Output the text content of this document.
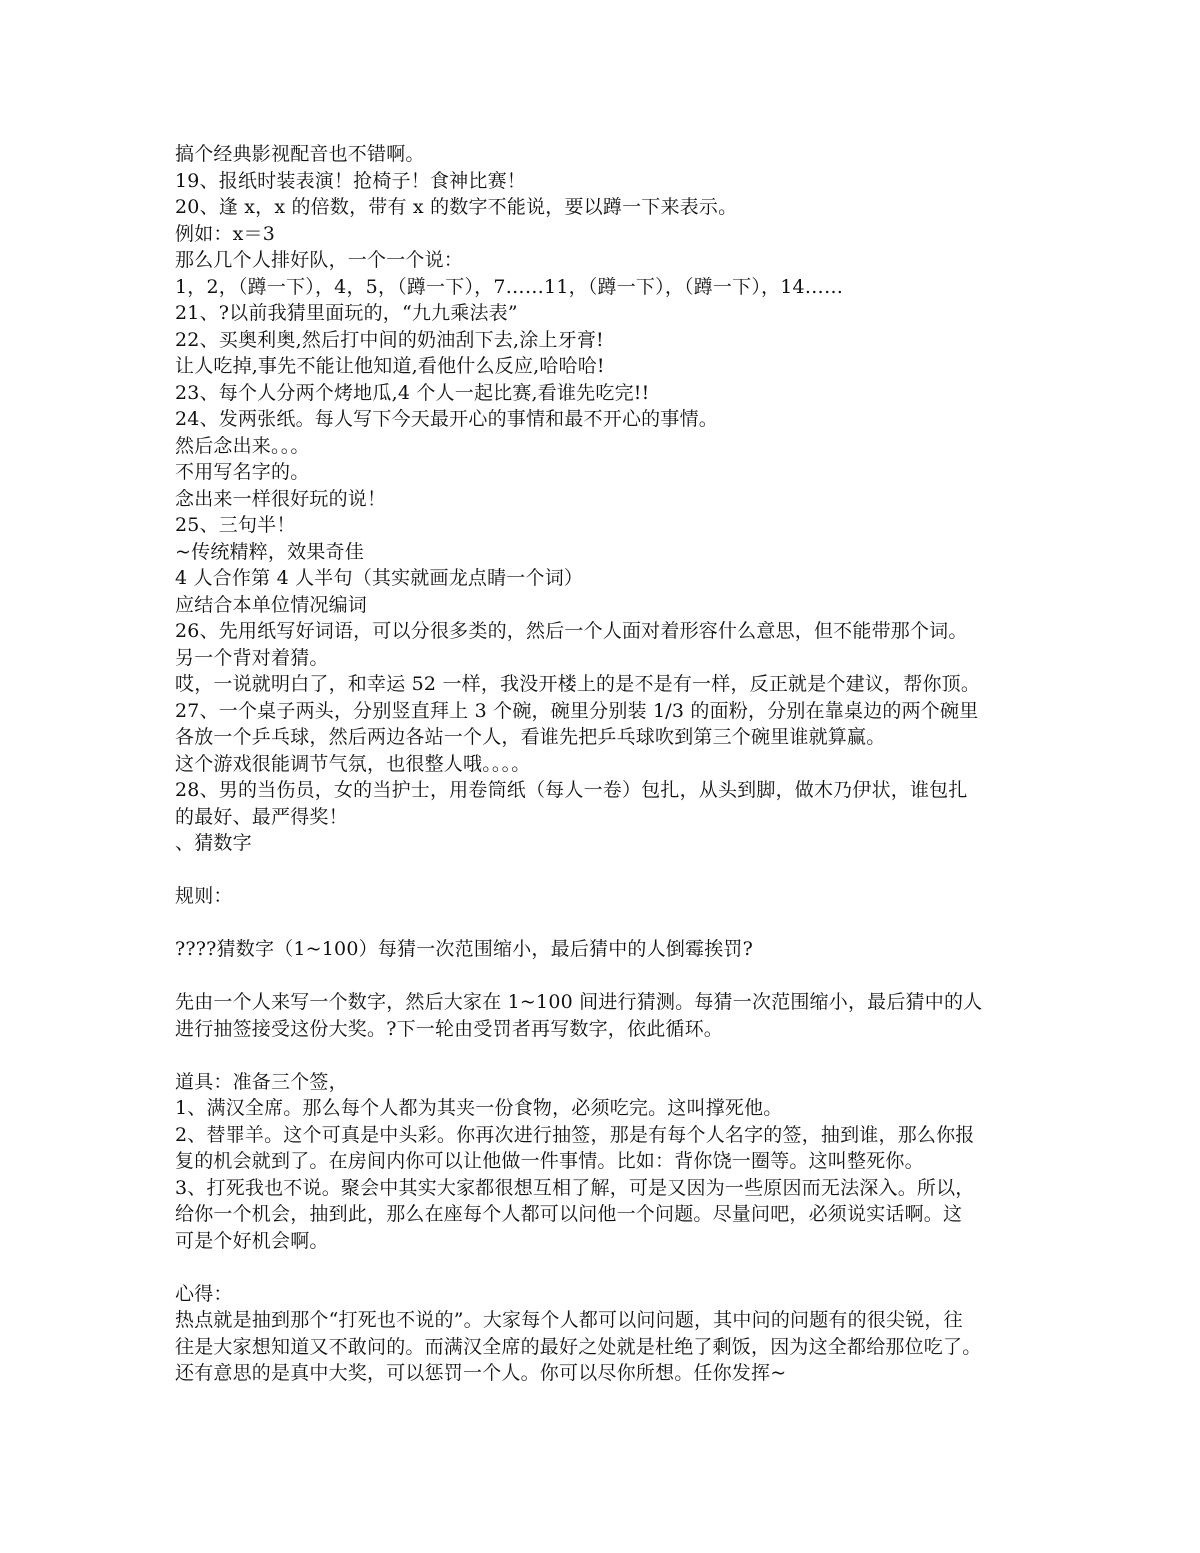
搞个经典影视配音也不错啊。
19、报纸时装表演！抢椅子！食神比赛！
20、逢 x，x 的倍数，带有 x 的数字不能说，要以蹲一下来表示。
例如：x＝3
那么几个人排好队，一个一个说：
1，2，（蹲一下），4，5，（蹲一下），7……11，（蹲一下），（蹲一下），14……
21、?以前我猜里面玩的，“九九乘法表”
22、买奥利奥,然后打中间的奶油刮下去,涂上牙膏!
让人吃掉,事先不能让他知道,看他什么反应,哈哈哈!
23、每个人分两个烤地瓜,4 个人一起比赛,看谁先吃完!!
24、发两张纸。每人写下今天最开心的事情和最不开心的事情。
然后念出来。。。
不用写名字的。
念出来一样很好玩的说！
25、三句半！
~传统精粹，效果奇佳
4 人合作第 4 人半句（其实就画龙点睛一个词）
应结合本单位情况编词
26、先用纸写好词语，可以分很多类的，然后一个人面对着形容什么意思，但不能带那个词。
另一个背对着猜。
哎，一说就明白了，和幸运 52 一样，我没开楼上的是不是有一样，反正就是个建议，帮你顶。
27、一个桌子两头，分别竖直拜上 3 个碗，碗里分别装 1/3 的面粉，分别在靠桌边的两个碗里
各放一个乒乓球，然后两边各站一个人，看谁先把乒乓球吹到第三个碗里谁就算赢。
这个游戏很能调节气氛，也很整人哦。。。。
28、男的当伤员，女的当护士，用卷筒纸（每人一卷）包扎，从头到脚，做木乃伊状，谁包扎
的最好、最严得奖！
、猜数字
规则：
????猜数字（1~100）每猜一次范围缩小，最后猜中的人倒霉挨罚?
先由一个人来写一个数字，然后大家在 1~100 间进行猜测。每猜一次范围缩小，最后猜中的人
进行抽签接受这份大奖。?下一轮由受罚者再写数字，依此循环。
道具：准备三个签，
1、满汉全席。那么每个人都为其夹一份食物，必须吃完。这叫撑死他。
2、替罪羊。这个可真是中头彩。你再次进行抽签，那是有每个人名字的签，抽到谁，那么你报
复的机会就到了。在房间内你可以让他做一件事情。比如：背你饶一圈等。这叫整死你。
3、打死我也不说。聚会中其实大家都很想互相了解，可是又因为一些原因而无法深入。所以，
给你一个机会，抽到此，那么在座每个人都可以问他一个问题。尽量问吧，必须说实话啊。这
可是个好机会啊。
心得：
热点就是抽到那个“打死也不说的”。大家每个人都可以问问题，其中问的问题有的很尖锐，往
往是大家想知道又不敢问的。而满汉全席的最好之处就是杜绝了剩饭，因为这全都给那位吃了。
还有意思的是真中大奖，可以惩罚一个人。你可以尽你所想。任你发挥~
